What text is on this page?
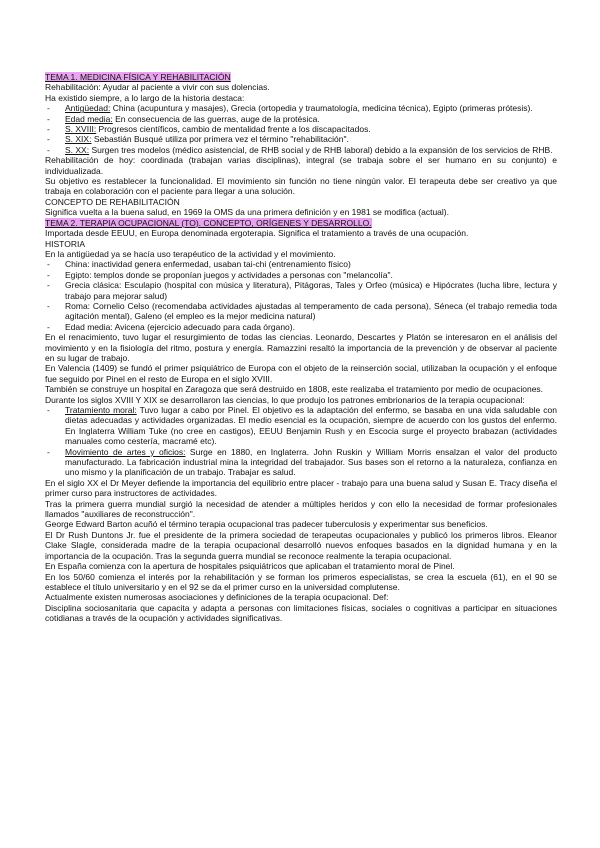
TEMA 1. MEDICINA FÍSICA Y REHABILITACIÓN

Rehabilitación: Ayudar al paciente a vivir con sus dolencias.

Ha existido siempre, a lo largo de la historia destaca:

- Antigüedad: China (acupuntura y masajes), Grecia (ortopedia y traumatología, medicina técnica), Egipto (primeras prótesis).
- Edad media: En consecuencia de las guerras, auge de la protésica.
- S. XVIII: Progresos científicos, cambio de mentalidad frente a los discapacitados.
- S. XIX: Sebastián Busqué utiliza por primera vez el término "rehabilitación".
- S. XX: Surgen tres modelos (médico asistencial, de RHB social y de RHB laboral) debido a la expansión de los servicios de RHB.

Rehabilitación de hoy: coordinada (trabajan varias disciplinas), integral (se trabaja sobre el ser humano en su conjunto) e individualizada.

Su objetivo es restablecer la funcionalidad. El movimiento sin función no tiene ningún valor. El terapeuta debe ser creativo ya que trabaja en colaboración con el paciente para llegar a una solución.

CONCEPTO DE REHABILITACIÓN

Significa vuelta a la buena salud, en 1969 la OMS da una primera definición y en 1981 se modifica (actual).

TEMA 2. TERAPIA OCUPACIONAL (TO). CONCEPTO, ORÍGENES Y DESARROLLO.

Importada desde EEUU, en Europa denominada ergoterapia. Significa el tratamiento a través de una ocupación.

HISTORIA

En la antigüedad ya se hacía uso terapéutico de la actividad y el movimiento.

- China: inactividad genera enfermedad, usaban tai-chi (entrenamiento físico)
- Egipto: templos donde se proponían juegos y actividades a personas con "melancolía".
- Grecia clásica: Esculapio (hospital con música y literatura), Pitágoras, Tales y Orfeo (música) e Hipócrates (lucha libre, lectura y trabajo para mejorar salud)
- Roma: Cornelio Celso (recomendaba actividades ajustadas al temperamento de cada persona), Séneca (el trabajo remedia toda agitación mental), Galeno (el empleo es la mejor medicina natural)
- Edad media: Avicena (ejercicio adecuado para cada órgano).

En el renacimiento, tuvo lugar el resurgimiento de todas las ciencias. Leonardo, Descartes y Platón se interesaron en el análisis del movimiento y en la fisiología del ritmo, postura y energía. Ramazzini resaltó la importancia de la prevención y de observar al paciente en su lugar de trabajo.

En Valencia (1409) se fundó el primer psiquiátrico de Europa con el objeto de la reinserción social, utilizaban la ocupación y el enfoque fue seguido por Pinel en el resto de Europa en el siglo XVIII.

También se construye un hospital en Zaragoza que será destruido en 1808, este realizaba el tratamiento por medio de ocupaciones.

Durante los siglos XVIII Y XIX se desarrollaron las ciencias, lo que produjo los patrones embrionarios de la terapia ocupacional:

- Tratamiento moral: Tuvo lugar a cabo por Pinel. El objetivo es la adaptación del enfermo, se basaba en una vida saludable con dietas adecuadas y actividades organizadas. El medio esencial es la ocupación, siempre de acuerdo con los gustos del enfermo. En Inglaterra William Tuke (no cree en castigos), EEUU Benjamin Rush y en Escocia surge el proyecto brabazan (actividades manuales como cestería, macramé etc).
- Movimiento de artes y oficios: Surge en 1880, en Inglaterra. John Ruskin y William Morris ensalzan el valor del producto manufacturado. La fabricación industrial mina la integridad del trabajador. Sus bases son el retorno a la naturaleza, confianza en uno mismo y la planificación de un trabajo. Trabajar es salud.

En el siglo XX el Dr Meyer defiende la importancia del equilibrio entre placer - trabajo para una buena salud y Susan E. Tracy diseña el primer curso para instructores de actividades.

Tras la primera guerra mundial surgió la necesidad de atender a múltiples heridos y con ello la necesidad de formar profesionales llamados "auxiliares de reconstrucción".

George Edward Barton acuñó el término terapia ocupacional tras padecer tuberculosis y experimentar sus beneficios.

El Dr Rush Duntons Jr. fue el presidente de la primera sociedad de terapeutas ocupacionales y publicó los primeros libros. Eleanor Clake Slagle, considerada madre de la terapia ocupacional desarrolló nuevos enfoques basados en la dignidad humana y en la importancia de la ocupación. Tras la segunda guerra mundial se reconoce realmente la terapia ocupacional.

En España comienza con la apertura de hospitales psiquiátricos que aplicaban el tratamiento moral de Pinel.

En los 50/60 comienza el interés por la rehabilitación y se forman los primeros especialistas, se crea la escuela (61), en el 90 se establece el título universitario y en el 92 se da el primer curso en la universidad complutense.

Actualmente existen numerosas asociaciones y definiciones de la terapia ocupacional. Def:

Disciplina sociosanitaria que capacita y adapta a personas con limitaciones físicas, sociales o cognitivas a participar en situaciones cotidianas a través de la ocupación y actividades significativas.
